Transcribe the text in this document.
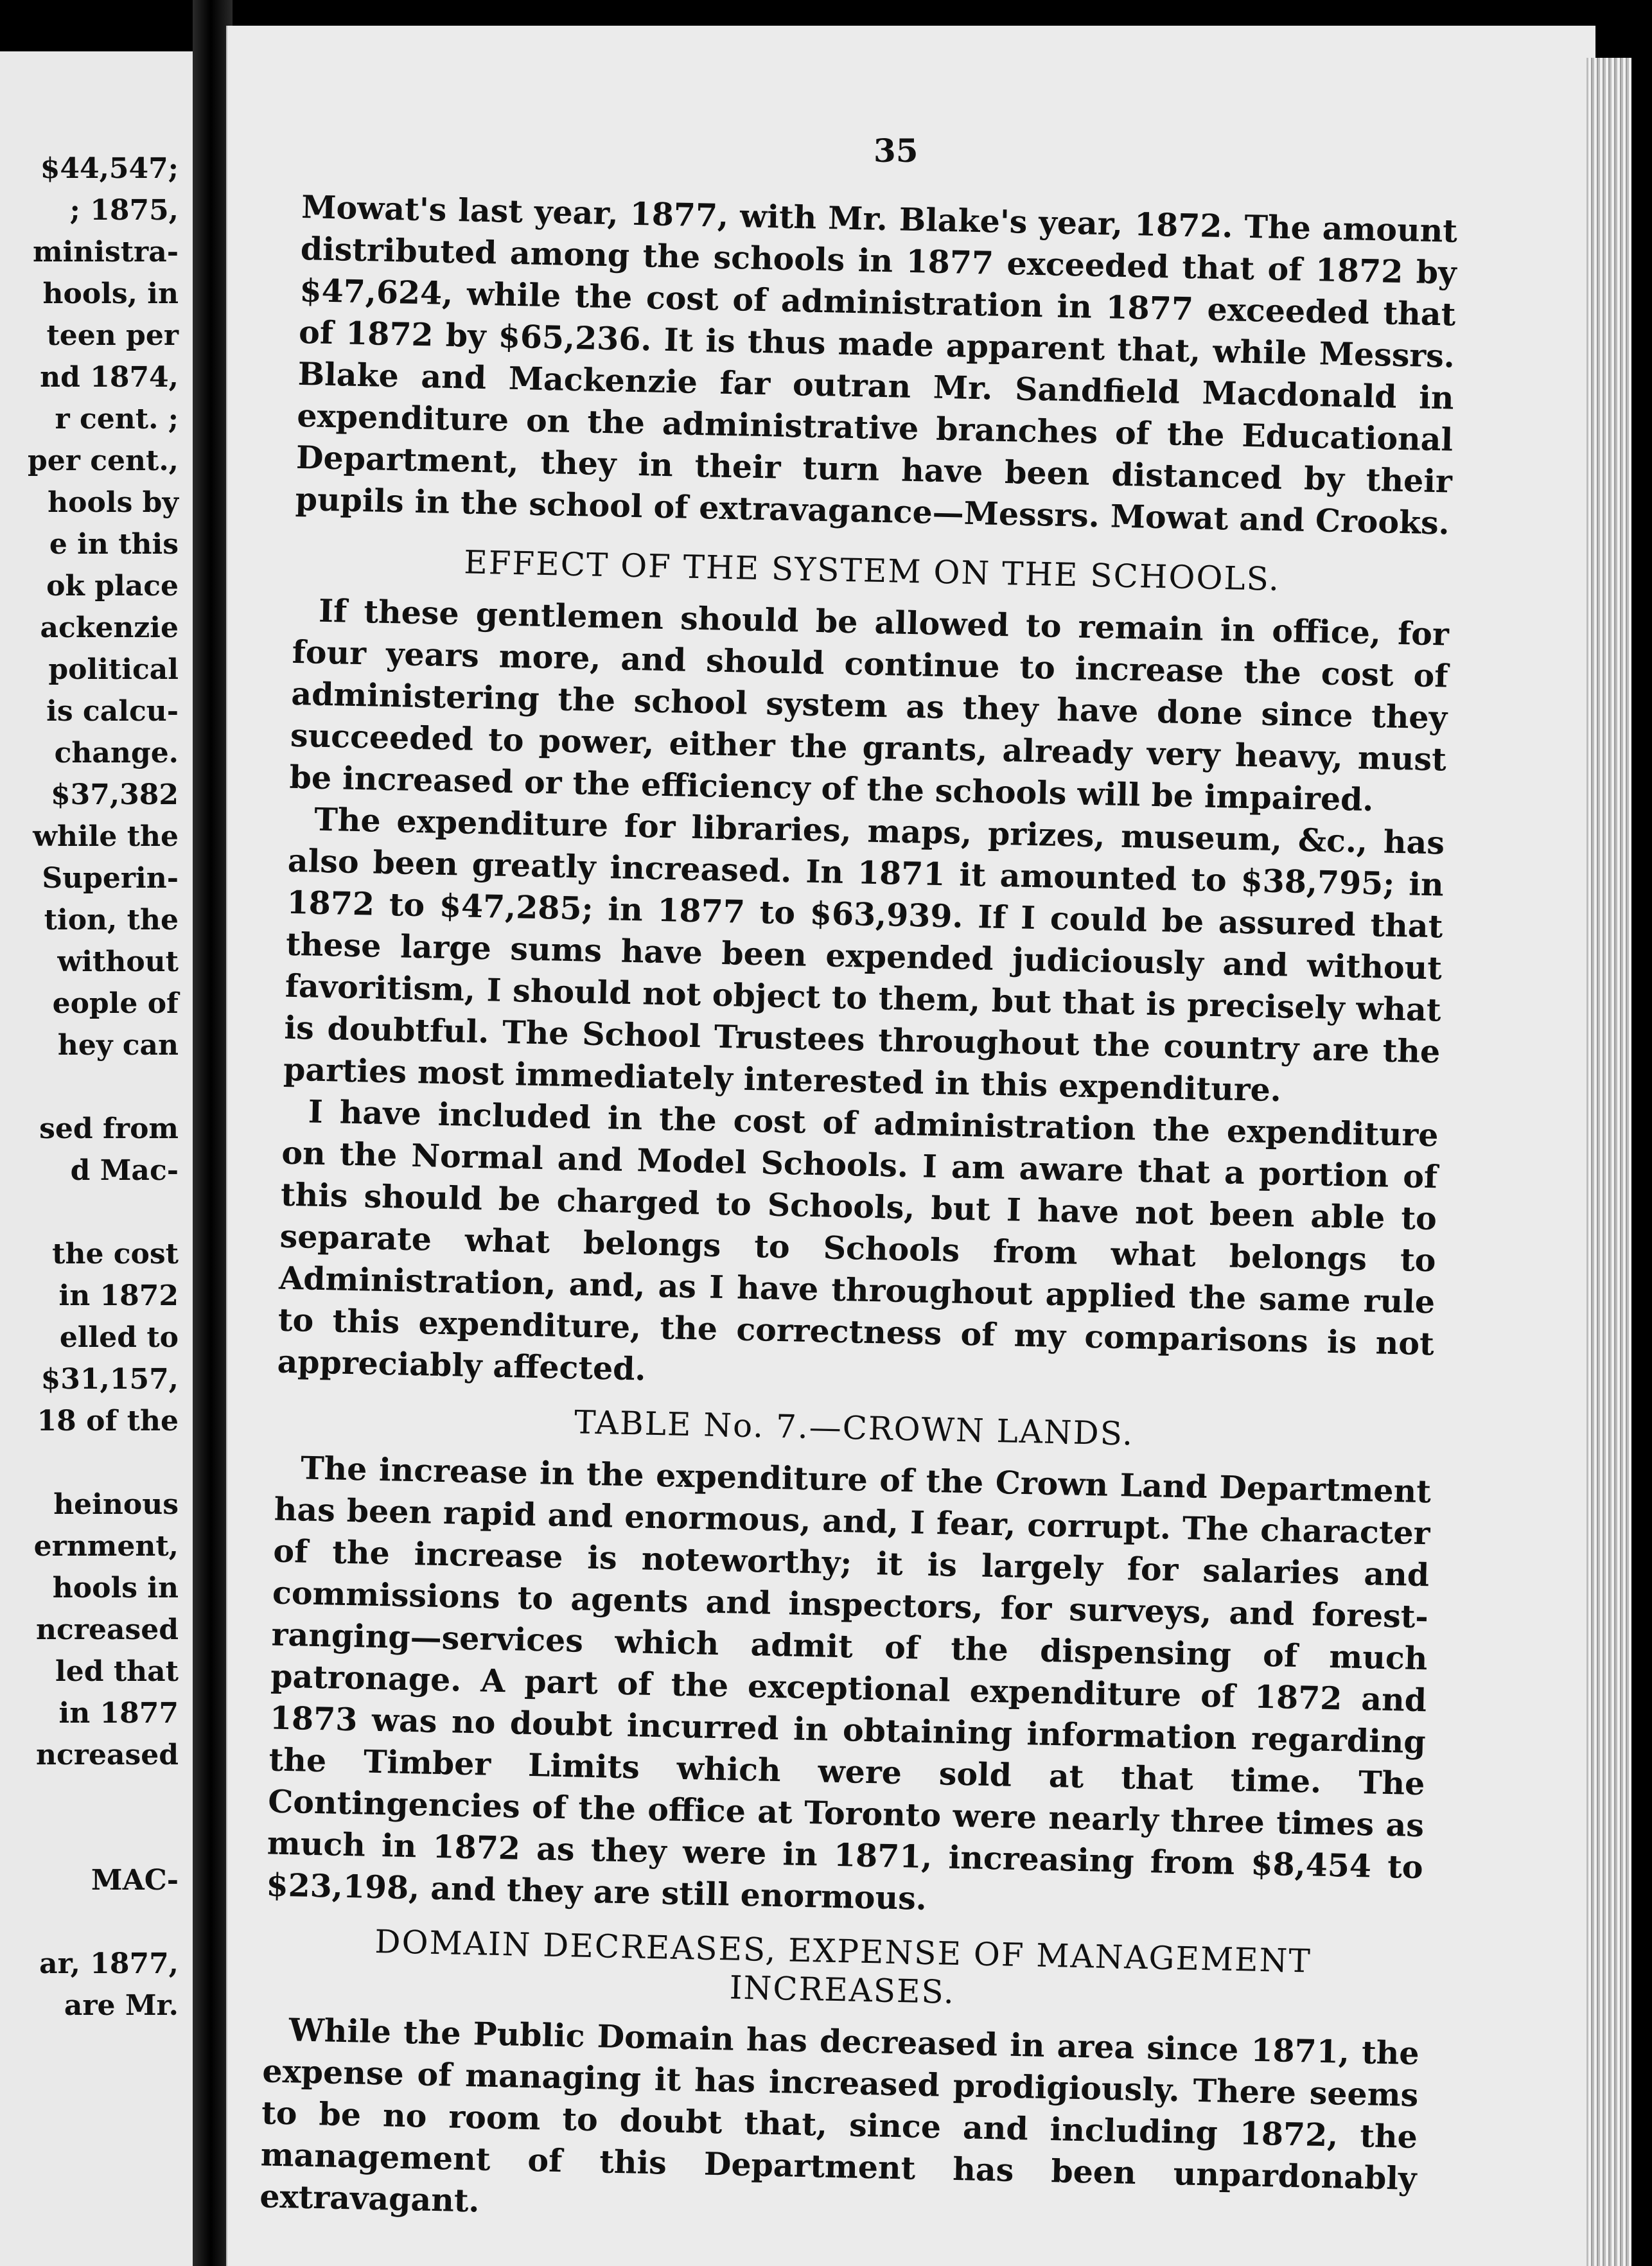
$44,547;
; 1875,
ministra-
hools, in
teen per
nd 1874,
r cent. ;
per cent.,
hools by
e in this
ok place
ackenzie
political
is calcu-
change.
$37,382
while the
Superin-
tion, the
without
eople of
hey can

sed from
d Mac-

the cost
in 1872
elled to
$31,157,
18 of the

heinous
ernment,
hools in
ncreased
led that
in 1877
ncreased

MAC-

ar, 1877,
are Mr.
35

Mowat's last year, 1877, with Mr. Blake's year, 1872. The amount distributed among the schools in 1877 exceeded that of 1872 by $47,624, while the cost of administration in 1877 exceeded that of 1872 by $65,236. It is thus made apparent that, while Messrs. Blake and Mackenzie far outran Mr. Sandfield Macdonald in expenditure on the administrative branches of the Educational Department, they in their turn have been distanced by their pupils in the school of extravagance—Messrs. Mowat and Crooks.

EFFECT OF THE SYSTEM ON THE SCHOOLS.

If these gentlemen should be allowed to remain in office, for four years more, and should continue to increase the cost of administering the school system as they have done since they succeeded to power, either the grants, already very heavy, must be increased or the efficiency of the schools will be impaired.

The expenditure for libraries, maps, prizes, museum, &c., has also been greatly increased. In 1871 it amounted to $38,795; in 1872 to $47,285; in 1877 to $63,939. If I could be assured that these large sums have been expended judiciously and without favoritism, I should not object to them, but that is precisely what is doubtful. The School Trustees throughout the country are the parties most immediately interested in this expenditure.

I have included in the cost of administration the expenditure on the Normal and Model Schools. I am aware that a portion of this should be charged to Schools, but I have not been able to separate what belongs to Schools from what belongs to Administration, and, as I have throughout applied the same rule to this expenditure, the correctness of my comparisons is not appreciably affected.

TABLE No. 7.—CROWN LANDS.

The increase in the expenditure of the Crown Land Department has been rapid and enormous, and, I fear, corrupt. The character of the increase is noteworthy; it is largely for salaries and commissions to agents and inspectors, for surveys, and forest-ranging—services which admit of the dispensing of much patronage. A part of the exceptional expenditure of 1872 and 1873 was no doubt incurred in obtaining information regarding the Timber Limits which were sold at that time. The Contingencies of the office at Toronto were nearly three times as much in 1872 as they were in 1871, increasing from $8,454 to $23,198, and they are still enormous.

DOMAIN DECREASES, EXPENSE OF MANAGEMENT INCREASES.

While the Public Domain has decreased in area since 1871, the expense of managing it has increased prodigiously. There seems to be no room to doubt that, since and including 1872, the management of this Department has been unpardonably extravagant.
